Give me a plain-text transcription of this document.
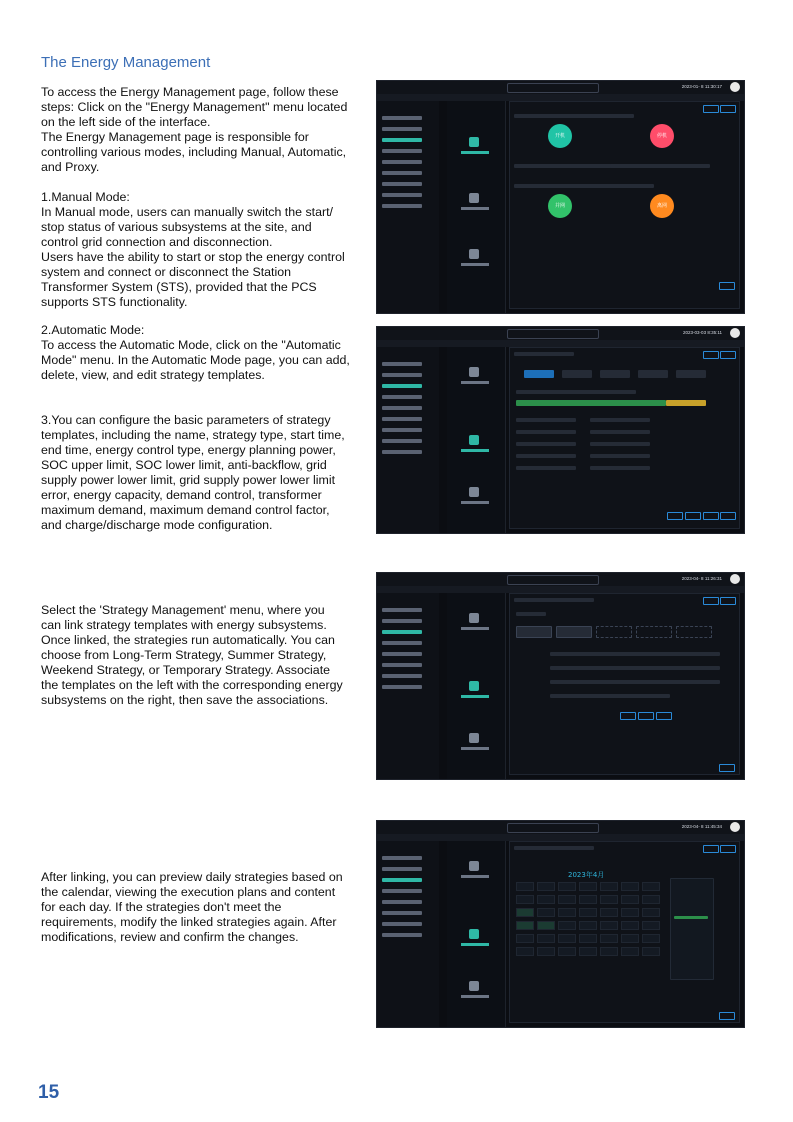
The Energy Management

To access the Energy Management page, follow these
steps: Click on the "Energy Management" menu located
on the left side of the interface.
The Energy Management page is responsible for
controlling various modes, including Manual, Automatic,
and Proxy.

1.Manual Mode:

In Manual mode, users can manually switch the start/
stop status of various subsystems at the site, and
control grid connection and disconnection.
Users have the ability to start or stop the energy control
system and connect or disconnect the Station
Transformer System (STS), provided that the PCS
supports STS functionality.

2.Automatic Mode:

To access the Automatic Mode, click on the "Automatic
Mode" menu. In the Automatic Mode page, you can add,
delete, view, and edit strategy templates.

3.You can configure the basic parameters of strategy
templates, including the name, strategy type, start time,
end time, energy control type, energy planning power,
SOC upper limit, SOC lower limit, anti-backflow, grid
supply power lower limit, grid supply power lower limit
error, energy capacity, demand control, transformer
maximum demand, maximum demand control factor,
and charge/discharge mode configuration.

Select the 'Strategy Management' menu, where you
can link strategy templates with energy subsystems.
Once linked, the strategies run automatically. You can
choose from Long-Term Strategy, Summer Strategy,
Weekend Strategy, or Temporary Strategy. Associate
the templates on the left with the corresponding energy
subsystems on the right, then save the associations.

After linking, you can preview daily strategies based on
the calendar, viewing the execution plans and content
for each day. If the strategies don't meet the
requirements, modify the linked strategies again. After
modifications, review and confirm the changes.

15
2023-01- 8 11:30:17
开机	停机
并网	离网
2023-03-03 8:35:11
2023-04- 8 11:26:31
2023-04- 8 11:45:34
2023年4月
